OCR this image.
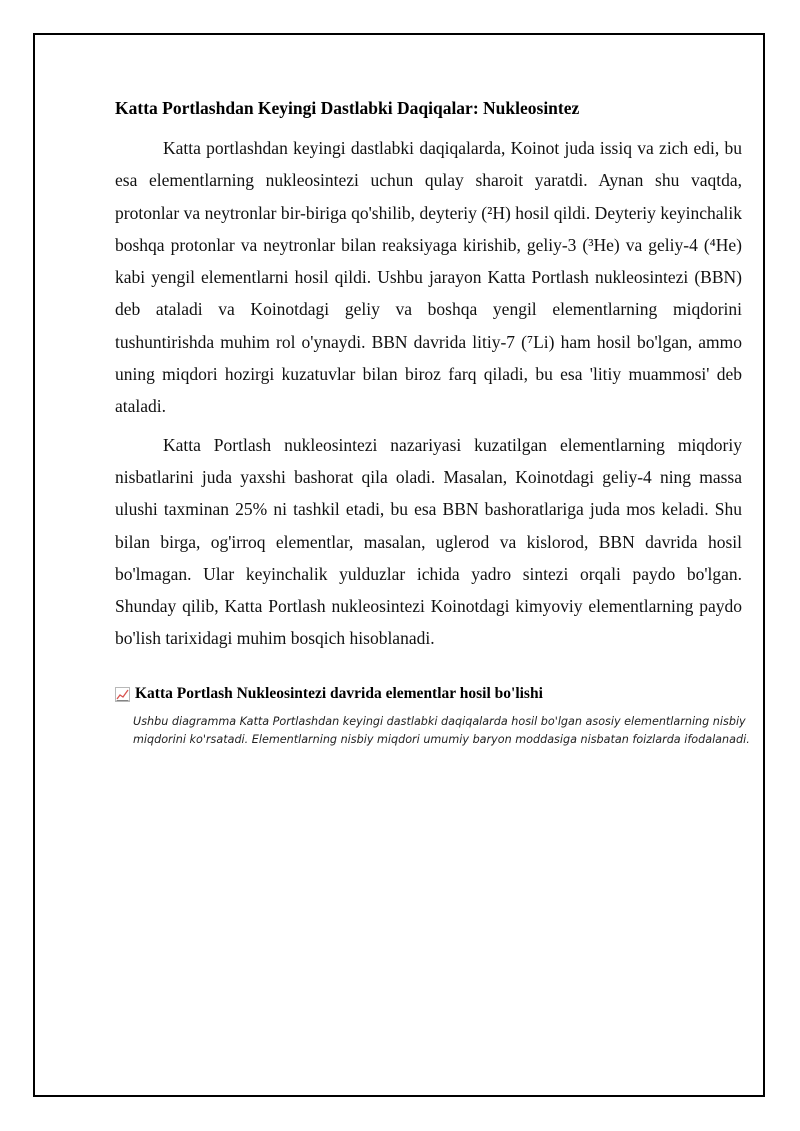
Katta Portlashdan Keyingi Dastlabki Daqiqalar: Nukleosintez

Katta portlashdan keyingi dastlabki daqiqalarda, Koinot juda issiq va zich edi, bu esa elementlarning nukleosintezi uchun qulay sharoit yaratdi. Aynan shu vaqtda, protonlar va neytronlar bir-biriga qo'shilib, deyteriy (²H) hosil qildi. Deyteriy keyinchalik boshqa protonlar va neytronlar bilan reaksiyaga kirishib, geliy-3 (³He) va geliy-4 (⁴He) kabi yengil elementlarni hosil qildi. Ushbu jarayon Katta Portlash nukleosintezi (BBN) deb ataladi va Koinotdagi geliy va boshqa yengil elementlarning miqdorini tushuntirishda muhim rol o'ynaydi. BBN davrida litiy-7 (⁷Li) ham hosil bo'lgan, ammo uning miqdori hozirgi kuzatuvlar bilan biroz farq qiladi, bu esa 'litiy muammosi' deb ataladi.

Katta Portlash nukleosintezi nazariyasi kuzatilgan elementlarning miqdoriy nisbatlarini juda yaxshi bashorat qila oladi. Masalan, Koinotdagi geliy-4 ning massa ulushi taxminan 25% ni tashkil etadi, bu esa BBN bashoratlariga juda mos keladi. Shu bilan birga, og'irroq elementlar, masalan, uglerod va kislorod, BBN davrida hosil bo'lmagan. Ular keyinchalik yulduzlar ichida yadro sintezi orqali paydo bo'lgan. Shunday qilib, Katta Portlash nukleosintezi Koinotdagi kimyoviy elementlarning paydo bo'lish tarixidagi muhim bosqich hisoblanadi.

Katta Portlash Nukleosintezi davrida elementlar hosil bo'lishi
Ushbu diagramma Katta Portlashdan keyingi dastlabki daqiqalarda hosil bo'lgan asosiy elementlarning nisbiy miqdorini ko'rsatadi. Elementlarning nisbiy miqdori umumiy baryon moddasiga nisbatan foizlarda ifodalanadi.
